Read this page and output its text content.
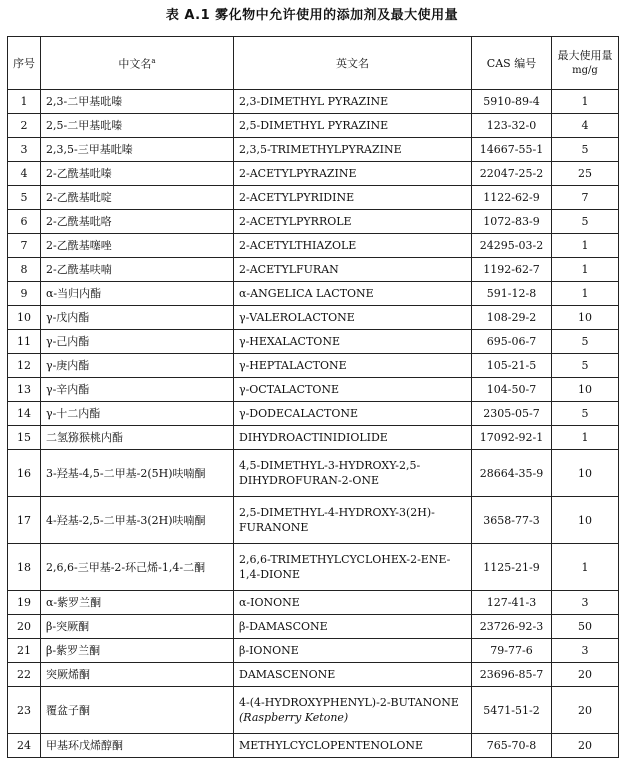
表 A.1 雾化物中允许使用的添加剂及最大使用量
序号	中文名$^a$	英文名	CAS 编号	最大使用量
mg/g

1	2,3-二甲基吡嗪	2,3-DIMETHYL PYRAZINE	5910-89-4	1
2	2,5-二甲基吡嗪	2,5-DIMETHYL PYRAZINE	123-32-0	4
3	2,3,5-三甲基吡嗪	2,3,5-TRIMETHYLPYRAZINE	14667-55-1	5
4	2-乙酰基吡嗪	2-ACETYLPYRAZINE	22047-25-2	25
5	2-乙酰基吡啶	2-ACETYLPYRIDINE	1122-62-9	7
6	2-乙酰基吡咯	2-ACETYLPYRROLE	1072-83-9	5
7	2-乙酰基噻唑	2-ACETYLTHIAZOLE	24295-03-2	1
8	2-乙酰基呋喃	2-ACETYLFURAN	1192-62-7	1
9	α-当归内酯	α-ANGELICA LACTONE	591-12-8	1
10	γ-戊内酯	γ-VALEROLACTONE	108-29-2	10
11	γ-己内酯	γ-HEXALACTONE	695-06-7	5
12	γ-庚内酯	γ-HEPTALACTONE	105-21-5	5
13	γ-辛内酯	γ-OCTALACTONE	104-50-7	10
14	γ-十二内酯	γ-DODECALACTONE	2305-05-7	5
15	二氢猕猴桃内酯	DIHYDROACTINIDIOLIDE	17092-92-1	1
16	3-羟基-4,5-二甲基-2(5H)呋喃酮	4,5-DIMETHYL-3-HYDROXY-2,5-
DIHYDROFURAN-2-ONE	28664-35-9	10
17	4-羟基-2,5-二甲基-3(2H)呋喃酮	2,5-DIMETHYL-4-HYDROXY-3(2H)-
FURANONE	3658-77-3	10
18	2,6,6-三甲基-2-环己烯-1,4-二酮	2,6,6-TRIMETHYLCYCLOHEX-2-ENE-
1,4-DIONE	1125-21-9	1
19	α-紫罗兰酮	α-IONONE	127-41-3	3
20	β-突厥酮	β-DAMASCONE	23726-92-3	50
21	β-紫罗兰酮	β-IONONE	79-77-6	3
22	突厥烯酮	DAMASCENONE	23696-85-7	20
23	覆盆子酮	4-(4-HYDROXYPHENYL)-2-BUTANONE
(Raspberry Ketone)	5471-51-2	20
24	甲基环戊烯醇酮	METHYLCYCLOPENTENOLONE	765-70-8	20
